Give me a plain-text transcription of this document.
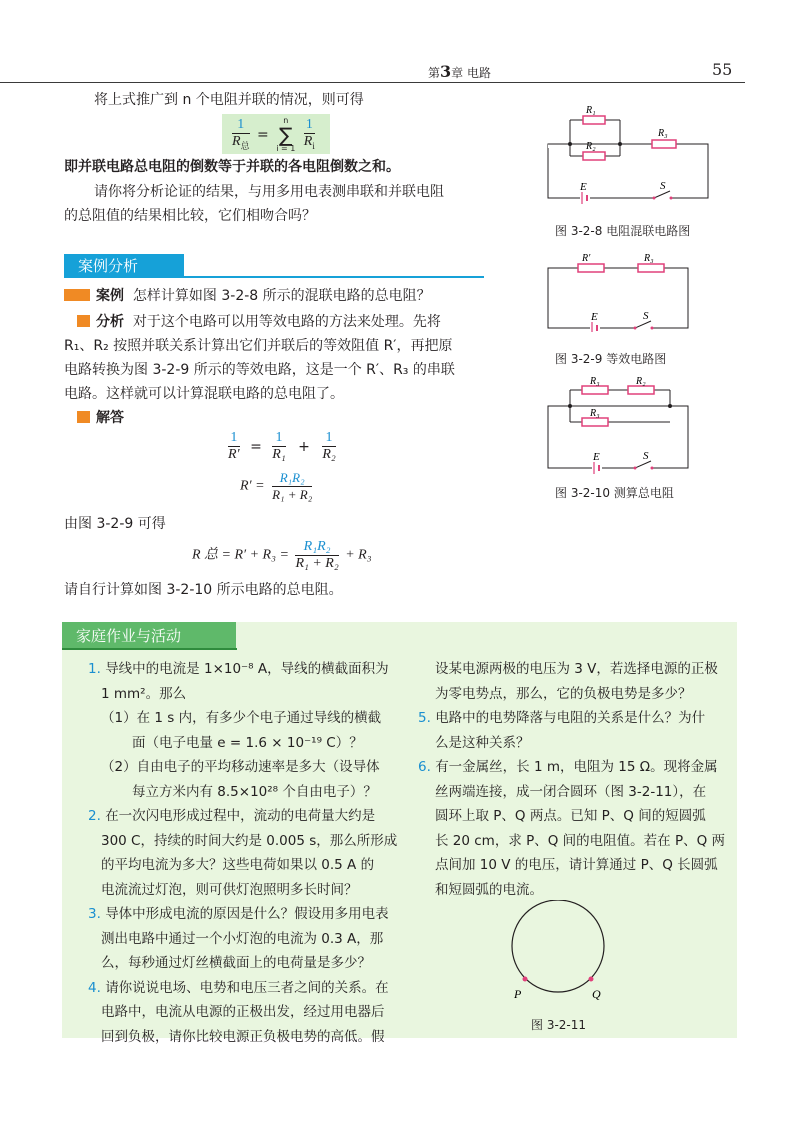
第3章 电路	55
将上式推广到 n 个电阻并联的情况，则可得
$\frac{1}{R_总}$ =
n
∑
i = 1
$\frac{1}{R_i}$
即并联电路总电阻的倒数等于并联的各电阻倒数之和。
请你将分析论证的结果，与用多用电表测串联和并联电阻
的总阻值的结果相比较，它们相吻合吗？
案例分析
案例 怎样计算如图 3-2-8 所示的混联电路的总电阻？
分析 对于这个电路可以用等效电路的方法来处理。先将
R₁、R₂ 按照并联关系计算出它们并联后的等效阻值 R′，再把原
电路转换为图 3-2-9 所示的等效电路，这是一个 R′、R₃ 的串联
电路。这样就可以计算混联电路的总电阻了。
解答
$\frac{1}{R'} = \frac{1}{\text{R₁}} + \frac{1}{\text{R₂}}$
$R' = \frac{\text{R₁R₂}}{\text{R₁ + R₂}}$
由图 3-2-9 可得
R 总 = $R' + R_3 = \frac{\text{R₁R₂}}{\text{R₁ + R₂}} + R_3$
请自行计算如图 3-2-10 所示电路的总电阻。
R₁
R₂
R₃
E	S
图 3-2-8 电阻混联电路图
R′	R₃
E	S
图 3-2-9 等效电路图
R₃	R₂
R₃
E	S
图 3-2-10 测算总电阻
家庭作业与活动
1. 导线中的电流是 1×10⁻⁸ A，导线的横截面积为
1 mm²。那么
（1）在 1 s 内，有多少个电子通过导线的横截
面（电子电量 e = 1.6 × 10⁻¹⁹ C）？
（2）自由电子的平均移动速率是多大（设导体
每立方米内有 8.5×10²⁸ 个自由电子）？
2. 在一次闪电形成过程中，流动的电荷量大约是
300 C，持续的时间大约是 0.005 s，那么所形成
的平均电流为多大？这些电荷如果以 0.5 A 的
电流流过灯泡，则可供灯泡照明多长时间？
3. 导体中形成电流的原因是什么？假设用多用电表
测出电路中通过一个小灯泡的电流为 0.3 A，那
么，每秒通过灯丝横截面上的电荷量是多少？
4. 请你说说电场、电势和电压三者之间的关系。在
电路中，电流从电源的正极出发，经过用电器后
回到负极，请你比较电源正负极电势的高低。假
设某电源两极的电压为 3 V，若选择电源的正极
为零电势点，那么，它的负极电势是多少？
5. 电路中的电势降落与电阻的关系是什么？为什
么是这种关系？
6. 有一金属丝，长 1 m，电阻为 15 Ω。现将金属
丝两端连接，成一闭合圆环（图 3-2-11），在
圆环上取 P、Q 两点。已知 P、Q 间的短圆弧
长 20 cm，求 P、Q 间的电阻值。若在 P、Q 两
点间加 10 V 的电压，请计算通过 P、Q 长圆弧
和短圆弧的电流。
P	Q
图 3-2-11
